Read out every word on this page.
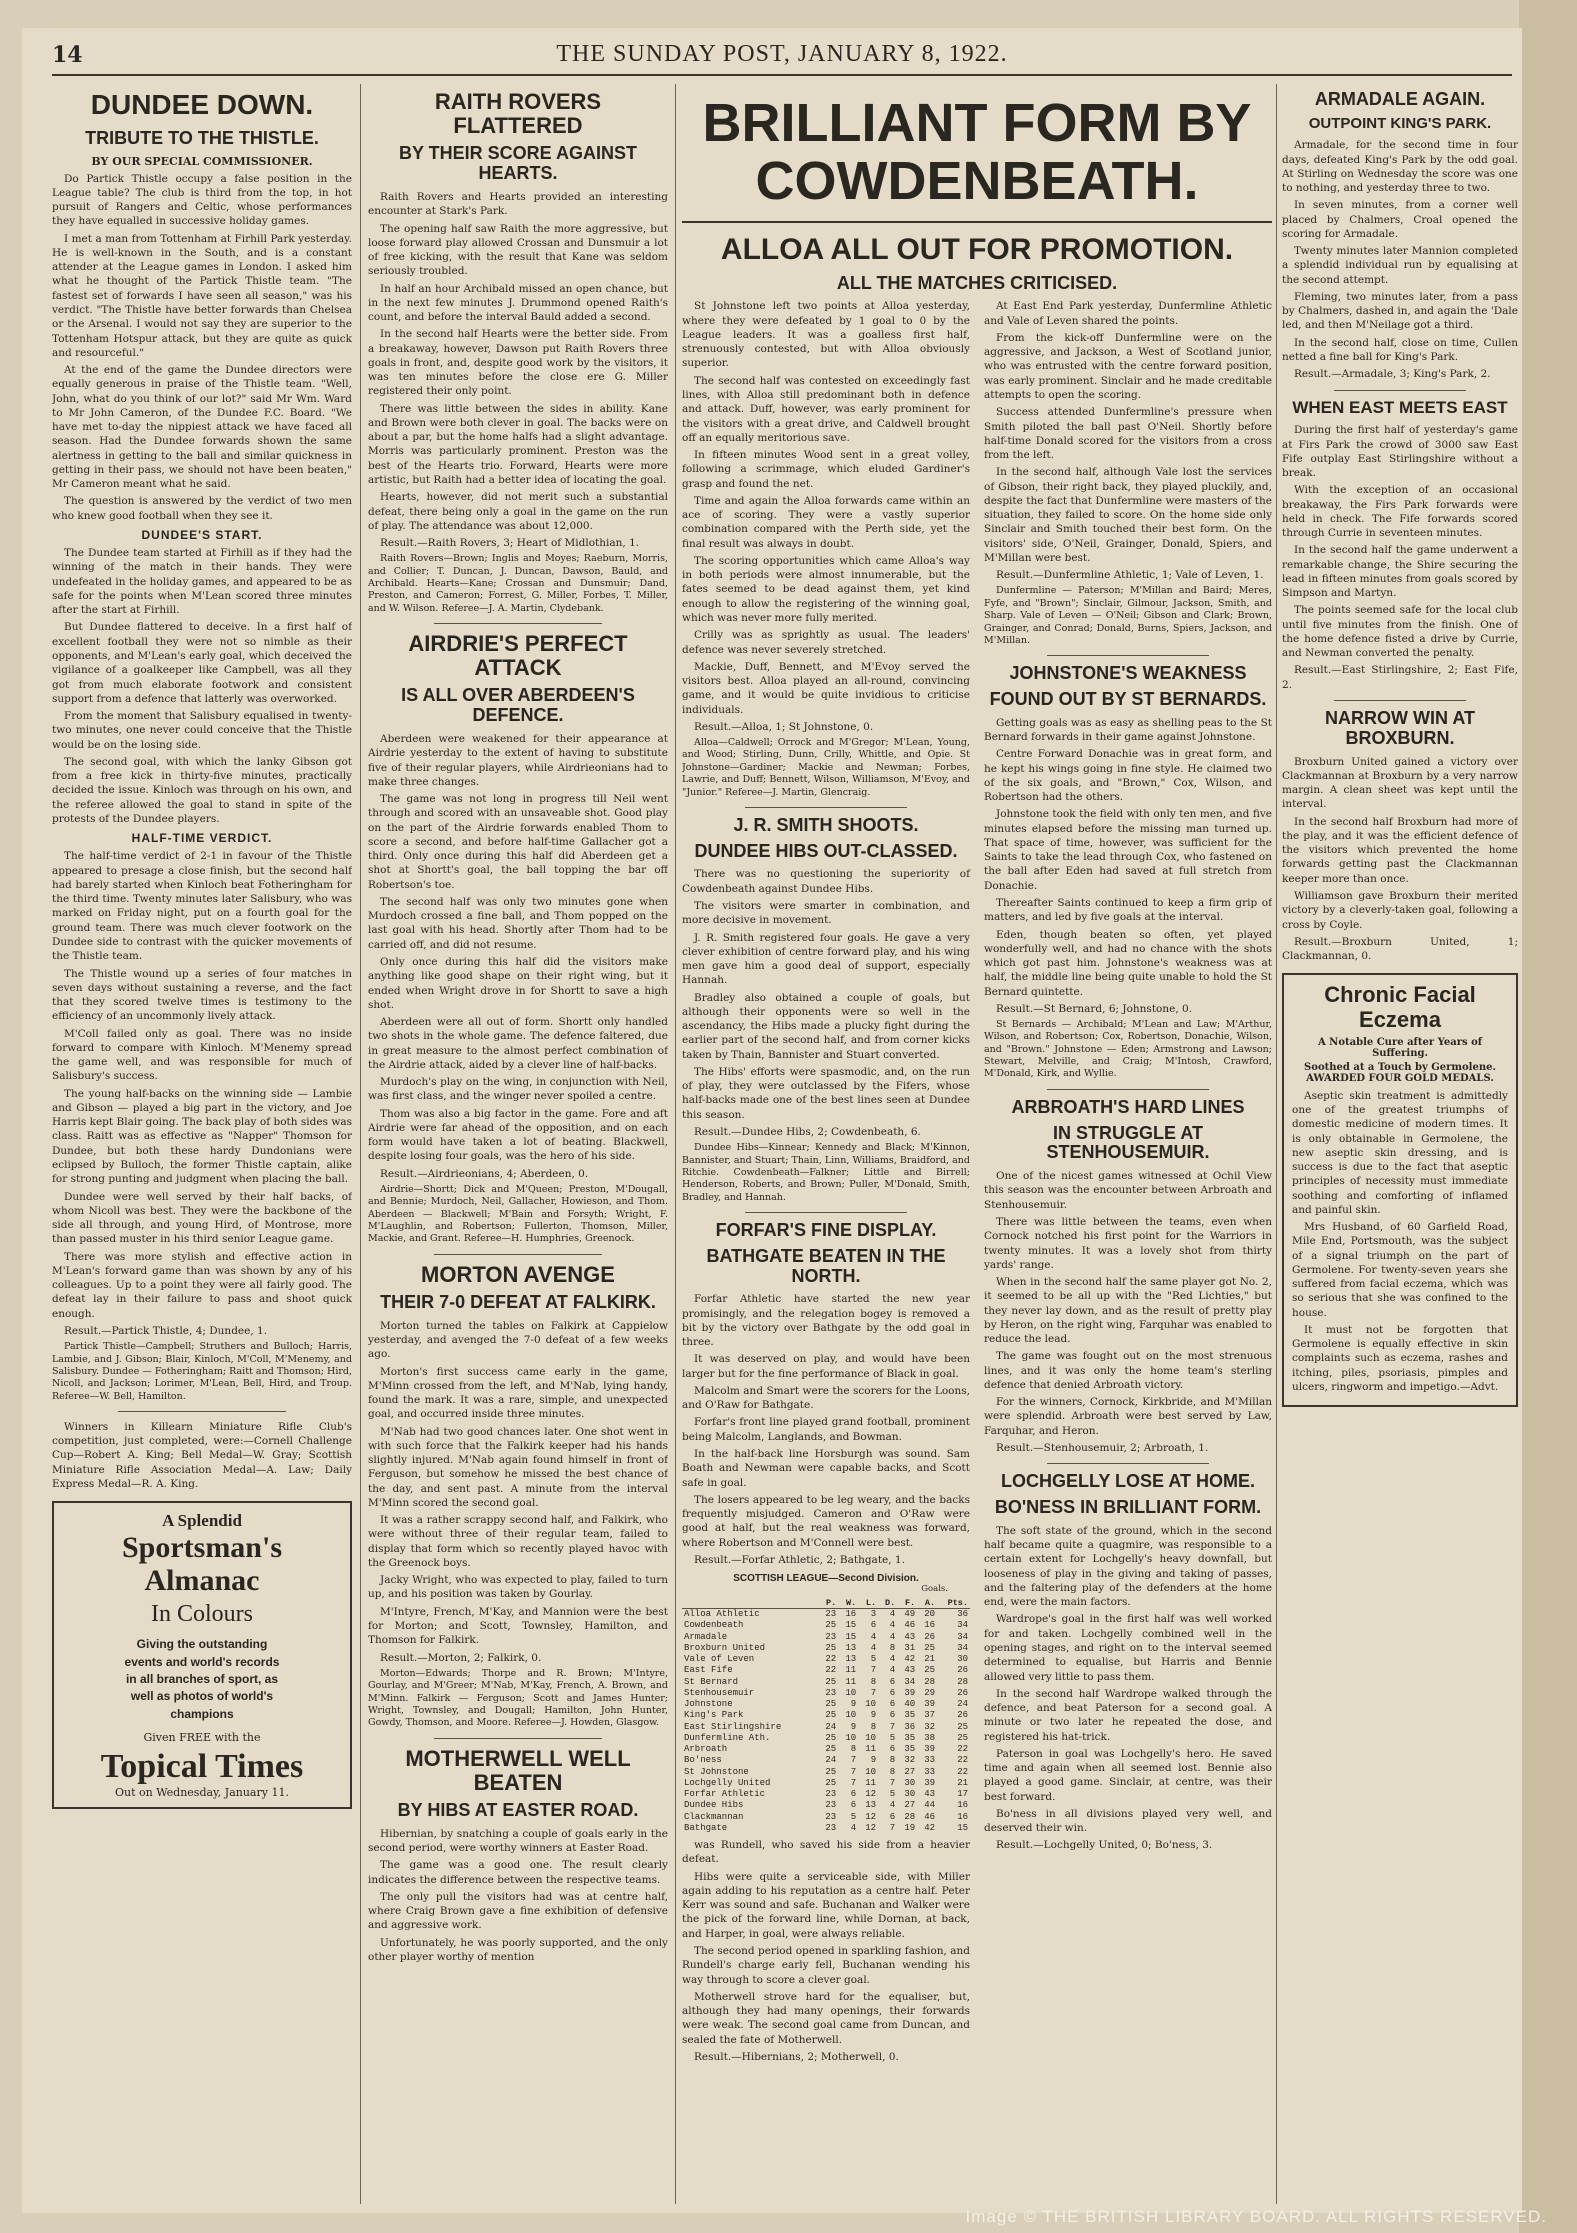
14	THE SUNDAY POST, JANUARY 8, 1922.
DUNDEE DOWN.
TRIBUTE TO THE THISTLE.
BY OUR SPECIAL COMMISSIONER.

Do Partick Thistle occupy a false position in the League table? The club is third from the top, in hot pursuit of Rangers and Celtic, whose performances they have equalled in successive holiday games.

I met a man from Tottenham at Firhill Park yesterday. He is well-known in the South, and is a constant attender at the League games in London. I asked him what he thought of the Partick Thistle team. "The fastest set of forwards I have seen all season," was his verdict. "The Thistle have better forwards than Chelsea or the Arsenal. I would not say they are superior to the Tottenham Hotspur attack, but they are quite as quick and resourceful."

At the end of the game the Dundee directors were equally generous in praise of the Thistle team. "Well, John, what do you think of our lot?" said Mr Wm. Ward to Mr John Cameron, of the Dundee F.C. Board. "We have met to-day the nippiest attack we have faced all season. Had the Dundee forwards shown the same alertness in getting to the ball and similar quickness in getting in their pass, we should not have been beaten," Mr Cameron meant what he said.

The question is answered by the verdict of two men who knew good football when they see it.

DUNDEE'S START.

The Dundee team started at Firhill as if they had the winning of the match in their hands. They were undefeated in the holiday games, and appeared to be as safe for the points when M'Lean scored three minutes after the start at Firhill.

But Dundee flattered to deceive. In a first half of excellent football they were not so nimble as their opponents, and M'Lean's early goal, which deceived the vigilance of a goalkeeper like Campbell, was all they got from much elaborate footwork and consistent support from a defence that latterly was overworked.

From the moment that Salisbury equalised in twenty-two minutes, one never could conceive that the Thistle would be on the losing side.

The second goal, with which the lanky Gibson got from a free kick in thirty-five minutes, practically decided the issue. Kinloch was through on his own, and the referee allowed the goal to stand in spite of the protests of the Dundee players.

HALF-TIME VERDICT.

The half-time verdict of 2-1 in favour of the Thistle appeared to presage a close finish, but the second half had barely started when Kinloch beat Fotheringham for the third time. Twenty minutes later Salisbury, who was marked on Friday night, put on a fourth goal for the ground team. There was much clever footwork on the Dundee side to contrast with the quicker movements of the Thistle team.

The Thistle wound up a series of four matches in seven days without sustaining a reverse, and the fact that they scored twelve times is testimony to the efficiency of an uncommonly lively attack.

M'Coll failed only as goal. There was no inside forward to compare with Kinloch. M'Menemy spread the game well, and was responsible for much of Salisbury's success.

The young half-backs on the winning side — Lambie and Gibson — played a big part in the victory, and Joe Harris kept Blair going. The back play of both sides was class. Raitt was as effective as "Napper" Thomson for Dundee, but both these hardy Dundonians were eclipsed by Bulloch, the former Thistle captain, alike for strong punting and judgment when placing the ball.

Dundee were well served by their half backs, of whom Nicoll was best. They were the backbone of the side all through, and young Hird, of Montrose, more than passed muster in his third senior League game.

There was more stylish and effective action in M'Lean's forward game than was shown by any of his colleagues. Up to a point they were all fairly good. The defeat lay in their failure to pass and shoot quick enough.

Result.—Partick Thistle, 4; Dundee, 1.

Partick Thistle—Campbell; Struthers and Bulloch; Harris, Lambie, and J. Gibson; Blair, Kinloch, M'Coll, M'Menemy, and Salisbury. Dundee — Fotheringham; Raitt and Thomson; Hird, Nicoll, and Jackson; Lorimer, M'Lean, Bell, Hird, and Troup. Referee—W. Bell, Hamilton.

Winners in Killearn Miniature Rifle Club's competition, just completed, were:—Cornell Challenge Cup—Robert A. King; Bell Medal—W. Gray; Scottish Miniature Rifle Association Medal—A. Law; Daily Express Medal—R. A. King.

A Splendid
Sportsman's
Almanac
In Colours
Giving the outstanding
events and world's records
in all branches of sport, as
well as photos of world's
champions
Given FREE with the
Topical Times
Out on Wednesday, January 11.
RAITH ROVERS FLATTERED
BY THEIR SCORE AGAINST HEARTS.

Raith Rovers and Hearts provided an interesting encounter at Stark's Park.

The opening half saw Raith the more aggressive, but loose forward play allowed Crossan and Dunsmuir a lot of free kicking, with the result that Kane was seldom seriously troubled.

In half an hour Archibald missed an open chance, but in the next few minutes J. Drummond opened Raith's count, and before the interval Bauld added a second.

In the second half Hearts were the better side. From a breakaway, however, Dawson put Raith Rovers three goals in front, and, despite good work by the visitors, it was ten minutes before the close ere G. Miller registered their only point.

There was little between the sides in ability. Kane and Brown were both clever in goal. The backs were on about a par, but the home halfs had a slight advantage. Morris was particularly prominent. Preston was the best of the Hearts trio. Forward, Hearts were more artistic, but Raith had a better idea of locating the goal.

Hearts, however, did not merit such a substantial defeat, there being only a goal in the game on the run of play. The attendance was about 12,000.

Result.—Raith Rovers, 3; Heart of Midlothian, 1.

Raith Rovers—Brown; Inglis and Moyes; Raeburn, Morris, and Collier; T. Duncan, J. Duncan, Dawson, Bauld, and Archibald. Hearts—Kane; Crossan and Dunsmuir; Dand, Preston, and Cameron; Forrest, G. Miller, Forbes, T. Miller, and W. Wilson. Referee—J. A. Martin, Clydebank.
AIRDRIE'S PERFECT ATTACK
IS ALL OVER ABERDEEN'S DEFENCE.

Aberdeen were weakened for their appearance at Airdrie yesterday to the extent of having to substitute five of their regular players, while Airdrieonians had to make three changes.

The game was not long in progress till Neil went through and scored with an unsaveable shot. Good play on the part of the Airdrie forwards enabled Thom to score a second, and before half-time Gallacher got a third. Only once during this half did Aberdeen get a shot at Shortt's goal, the ball topping the bar off Robertson's toe.

The second half was only two minutes gone when Murdoch crossed a fine ball, and Thom popped on the last goal with his head. Shortly after Thom had to be carried off, and did not resume.

Only once during this half did the visitors make anything like good shape on their right wing, but it ended when Wright drove in for Shortt to save a high shot.

Aberdeen were all out of form. Shortt only handled two shots in the whole game. The defence faltered, due in great measure to the almost perfect combination of the Airdrie attack, aided by a clever line of half-backs.

Murdoch's play on the wing, in conjunction with Neil, was first class, and the winger never spoiled a centre.

Thom was also a big factor in the game. Fore and aft Airdrie were far ahead of the opposition, and on each form would have taken a lot of beating. Blackwell, despite losing four goals, was the hero of his side.

Result.—Airdrieonians, 4; Aberdeen, 0.

Airdrie—Shortt; Dick and M'Queen; Preston, M'Dougall, and Bennie; Murdoch, Neil, Gallacher, Howieson, and Thom. Aberdeen — Blackwell; M'Bain and Forsyth; Wright, F. M'Laughlin, and Robertson; Fullerton, Thomson, Miller, Mackie, and Grant. Referee—H. Humphries, Greenock.
MORTON AVENGE
THEIR 7-0 DEFEAT AT FALKIRK.

Morton turned the tables on Falkirk at Cappielow yesterday, and avenged the 7-0 defeat of a few weeks ago.

Morton's first success came early in the game, M'Minn crossed from the left, and M'Nab, lying handy, found the mark. It was a rare, simple, and unexpected goal, and occurred inside three minutes.

M'Nab had two good chances later. One shot went in with such force that the Falkirk keeper had his hands slightly injured. M'Nab again found himself in front of Ferguson, but somehow he missed the best chance of the day, and sent past. A minute from the interval M'Minn scored the second goal.

It was a rather scrappy second half, and Falkirk, who were without three of their regular team, failed to display that form which so recently played havoc with the Greenock boys.

Jacky Wright, who was expected to play, failed to turn up, and his position was taken by Gourlay.

M'Intyre, French, M'Kay, and Mannion were the best for Morton; and Scott, Townsley, Hamilton, and Thomson for Falkirk.

Result.—Morton, 2; Falkirk, 0.

Morton—Edwards; Thorpe and R. Brown; M'Intyre, Gourlay, and M'Greer; M'Nab, M'Kay, French, A. Brown, and M'Minn. Falkirk — Ferguson; Scott and James Hunter; Wright, Townsley, and Dougall; Hamilton, John Hunter, Gowdy, Thomson, and Moore. Referee—J. Howden, Glasgow.
MOTHERWELL WELL BEATEN
BY HIBS AT EASTER ROAD.

Hibernian, by snatching a couple of goals early in the second period, were worthy winners at Easter Road.

The game was a good one. The result clearly indicates the difference between the respective teams.

The only pull the visitors had was at centre half, where Craig Brown gave a fine exhibition of defensive and aggressive work.

Unfortunately, he was poorly supported, and the only other player worthy of mention

BRILLIANT FORM BY COWDENBEATH.
ALLOA ALL OUT FOR PROMOTION.
ALL THE MATCHES CRITICISED.

St Johnstone left two points at Alloa yesterday, where they were defeated by 1 goal to 0 by the League leaders. It was a goalless first half, strenuously contested, but with Alloa obviously superior.

The second half was contested on exceedingly fast lines, with Alloa still predominant both in defence and attack. Duff, however, was early prominent for the visitors with a great drive, and Caldwell brought off an equally meritorious save.

In fifteen minutes Wood sent in a great volley, following a scrimmage, which eluded Gardiner's grasp and found the net.

Time and again the Alloa forwards came within an ace of scoring. They were a vastly superior combination compared with the Perth side, yet the final result was always in doubt.

The scoring opportunities which came Alloa's way in both periods were almost innumerable, but the fates seemed to be dead against them, yet kind enough to allow the registering of the winning goal, which was never more fully merited.

Crilly was as sprightly as usual. The leaders' defence was never severely stretched.

Mackie, Duff, Bennett, and M'Evoy served the visitors best. Alloa played an all-round, convincing game, and it would be quite invidious to criticise individuals.

Result.—Alloa, 1; St Johnstone, 0.

Alloa—Caldwell; Orrock and M'Gregor; M'Lean, Young, and Wood; Stirling, Dunn, Crilly, Whittle, and Opie. St Johnstone—Gardiner; Mackie and Newman; Forbes, Lawrie, and Duff; Bennett, Wilson, Williamson, M'Evoy, and "Junior." Referee—J. Martin, Glencraig.
J. R. SMITH SHOOTS.
DUNDEE HIBS OUT-CLASSED.

There was no questioning the superiority of Cowdenbeath against Dundee Hibs.

The visitors were smarter in combination, and more decisive in movement.

J. R. Smith registered four goals. He gave a very clever exhibition of centre forward play, and his wing men gave him a good deal of support, especially Hannah.

Bradley also obtained a couple of goals, but although their opponents were so well in the ascendancy, the Hibs made a plucky fight during the earlier part of the second half, and from corner kicks taken by Thain, Bannister and Stuart converted.

The Hibs' efforts were spasmodic, and, on the run of play, they were outclassed by the Fifers, whose half-backs made one of the best lines seen at Dundee this season.

Result.—Dundee Hibs, 2; Cowdenbeath, 6.

Dundee Hibs—Kinnear; Kennedy and Black; M'Kinnon, Bannister, and Stuart; Thain, Linn, Williams, Braidford, and Ritchie. Cowdenbeath—Falkner; Little and Birrell; Henderson, Roberts, and Brown; Puller, M'Donald, Smith, Bradley, and Hannah.
FORFAR'S FINE DISPLAY.
BATHGATE BEATEN IN THE NORTH.

Forfar Athletic have started the new year promisingly, and the relegation bogey is removed a bit by the victory over Bathgate by the odd goal in three.

It was deserved on play, and would have been larger but for the fine performance of Black in goal.

Malcolm and Smart were the scorers for the Loons, and O'Raw for Bathgate.

Forfar's front line played grand football, prominent being Malcolm, Langlands, and Bowman.

In the half-back line Horsburgh was sound. Sam Boath and Newman were capable backs, and Scott safe in goal.

The losers appeared to be leg weary, and the backs frequently misjudged. Cameron and O'Raw were good at half, but the real weakness was forward, where Robertson and M'Connell were best.

Result.—Forfar Athletic, 2; Bathgate, 1.

SCOTTISH LEAGUE—Second Division.
Goals.
	P.	W.	L.	D.	F.	A.	Pts.
Alloa Athletic	23	16	3	4	49	20	36
Cowdenbeath	25	15	6	4	46	16	34
Armadale	23	15	4	4	43	26	34
Broxburn United	25	13	4	8	31	25	34
Vale of Leven	22	13	5	4	42	21	30
East Fife	22	11	7	4	43	25	26
St Bernard	25	11	8	6	34	28	28
Stenhousemuir	23	10	7	6	39	29	26
Johnstone	25	9	10	6	40	39	24
King's Park	25	10	9	6	35	37	26
East Stirlingshire	24	9	8	7	36	32	25
Dunfermline Ath.	25	10	10	5	35	38	25
Arbroath	25	8	11	6	35	39	22
Bo'ness	24	7	9	8	32	33	22
St Johnstone	25	7	10	8	27	33	22
Lochgelly United	25	7	11	7	30	39	21
Forfar Athletic	23	6	12	5	30	43	17
Dundee Hibs	23	6	13	4	27	44	16
Clackmannan	23	5	12	6	28	46	16
Bathgate	23	4	12	7	19	42	15

was Rundell, who saved his side from a heavier defeat.

Hibs were quite a serviceable side, with Miller again adding to his reputation as a centre half. Peter Kerr was sound and safe. Buchanan and Walker were the pick of the forward line, while Dornan, at back, and Harper, in goal, were always reliable.

The second period opened in sparkling fashion, and Rundell's charge early fell, Buchanan wending his way through to score a clever goal.

Motherwell strove hard for the equaliser, but, although they had many openings, their forwards were weak. The second goal came from Duncan, and sealed the fate of Motherwell.

Result.—Hibernians, 2; Motherwell, 0.

At East End Park yesterday, Dunfermline Athletic and Vale of Leven shared the points.

From the kick-off Dunfermline were on the aggressive, and Jackson, a West of Scotland junior, who was entrusted with the centre forward position, was early prominent. Sinclair and he made creditable attempts to open the scoring.

Success attended Dunfermline's pressure when Smith piloted the ball past O'Neil. Shortly before half-time Donald scored for the visitors from a cross from the left.

In the second half, although Vale lost the services of Gibson, their right back, they played pluckily, and, despite the fact that Dunfermline were masters of the situation, they failed to score. On the home side only Sinclair and Smith touched their best form. On the visitors' side, O'Neil, Grainger, Donald, Spiers, and M'Millan were best.

Result.—Dunfermline Athletic, 1; Vale of Leven, 1.

Dunfermline — Paterson; M'Millan and Baird; Meres, Fyfe, and "Brown"; Sinclair, Gilmour, Jackson, Smith, and Sharp. Vale of Leven — O'Neil; Gibson and Clark; Brown, Grainger, and Conrad; Donald, Burns, Spiers, Jackson, and M'Millan.
JOHNSTONE'S WEAKNESS
FOUND OUT BY ST BERNARDS.

Getting goals was as easy as shelling peas to the St Bernard forwards in their game against Johnstone.

Centre Forward Donachie was in great form, and he kept his wings going in fine style. He claimed two of the six goals, and "Brown," Cox, Wilson, and Robertson had the others.

Johnstone took the field with only ten men, and five minutes elapsed before the missing man turned up. That space of time, however, was sufficient for the Saints to take the lead through Cox, who fastened on the ball after Eden had saved at full stretch from Donachie.

Thereafter Saints continued to keep a firm grip of matters, and led by five goals at the interval.

Eden, though beaten so often, yet played wonderfully well, and had no chance with the shots which got past him. Johnstone's weakness was at half, the middle line being quite unable to hold the St Bernard quintette.

Result.—St Bernard, 6; Johnstone, 0.

St Bernards — Archibald; M'Lean and Law; M'Arthur, Wilson, and Robertson; Cox, Robertson, Donachie, Wilson, and "Brown." Johnstone — Eden; Armstrong and Lawson; Stewart, Melville, and Craig; M'Intosh, Crawford, M'Donald, Kirk, and Wyllie.
ARBROATH'S HARD LINES
IN STRUGGLE AT STENHOUSEMUIR.

One of the nicest games witnessed at Ochil View this season was the encounter between Arbroath and Stenhousemuir.

There was little between the teams, even when Cornock notched his first point for the Warriors in twenty minutes. It was a lovely shot from thirty yards' range.

When in the second half the same player got No. 2, it seemed to be all up with the "Red Lichties," but they never lay down, and as the result of pretty play by Heron, on the right wing, Farquhar was enabled to reduce the lead.

The game was fought out on the most strenuous lines, and it was only the home team's sterling defence that denied Arbroath victory.

For the winners, Cornock, Kirkbride, and M'Millan were splendid. Arbroath were best served by Law, Farquhar, and Heron.

Result.—Stenhousemuir, 2; Arbroath, 1.

LOCHGELLY LOSE AT HOME.
BO'NESS IN BRILLIANT FORM.

The soft state of the ground, which in the second half became quite a quagmire, was responsible to a certain extent for Lochgelly's heavy downfall, but looseness of play in the giving and taking of passes, and the faltering play of the defenders at the home end, were the main factors.

Wardrope's goal in the first half was well worked for and taken. Lochgelly combined well in the opening stages, and right on to the interval seemed determined to equalise, but Harris and Bennie allowed very little to pass them.

In the second half Wardrope walked through the defence, and beat Paterson for a second goal. A minute or two later he repeated the dose, and registered his hat-trick.

Paterson in goal was Lochgelly's hero. He saved time and again when all seemed lost. Bennie also played a good game. Sinclair, at centre, was their best forward.

Bo'ness in all divisions played very well, and deserved their win.

Result.—Lochgelly United, 0; Bo'ness, 3.

ARMADALE AGAIN.
OUTPOINT KING'S PARK.

Armadale, for the second time in four days, defeated King's Park by the odd goal. At Stirling on Wednesday the score was one to nothing, and yesterday three to two.

In seven minutes, from a corner well placed by Chalmers, Croal opened the scoring for Armadale.

Twenty minutes later Mannion completed a splendid individual run by equalising at the second attempt.

Fleming, two minutes later, from a pass by Chalmers, dashed in, and again the 'Dale led, and then M'Neilage got a third.

In the second half, close on time, Cullen netted a fine ball for King's Park.

Result.—Armadale, 3; King's Park, 2.

WHEN EAST MEETS EAST

During the first half of yesterday's game at Firs Park the crowd of 3000 saw East Fife outplay East Stirlingshire without a break.

With the exception of an occasional breakaway, the Firs Park forwards were held in check. The Fife forwards scored through Currie in seventeen minutes.

In the second half the game underwent a remarkable change, the Shire securing the lead in fifteen minutes from goals scored by Simpson and Martyn.

The points seemed safe for the local club until five minutes from the finish. One of the home defence fisted a drive by Currie, and Newman converted the penalty.

Result.—East Stirlingshire, 2; East Fife, 2.

NARROW WIN AT BROXBURN.

Broxburn United gained a victory over Clackmannan at Broxburn by a very narrow margin. A clean sheet was kept until the interval.

In the second half Broxburn had more of the play, and it was the efficient defence of the visitors which prevented the home forwards getting past the Clackmannan keeper more than once.

Williamson gave Broxburn their merited victory by a cleverly-taken goal, following a cross by Coyle.

Result.—Broxburn United, 1; Clackmannan, 0.

Chronic Facial Eczema
A Notable Cure after Years of Suffering.
Soothed at a Touch by Germolene. AWARDED FOUR GOLD MEDALS.

Aseptic skin treatment is admittedly one of the greatest triumphs of domestic medicine of modern times. It is only obtainable in Germolene, the new aseptic skin dressing, and is success is due to the fact that aseptic principles of necessity must immediate soothing and comforting of inflamed and painful skin.

Mrs Husband, of 60 Garfield Road, Mile End, Portsmouth, was the subject of a signal triumph on the part of Germolene. For twenty-seven years she suffered from facial eczema, which was so serious that she was confined to the house.

It must not be forgotten that Germolene is equally effective in skin complaints such as eczema, rashes and itching, piles, psoriasis, pimples and ulcers, ringworm and impetigo.—Advt.

Image © THE BRITISH LIBRARY BOARD. ALL RIGHTS RESERVED.
